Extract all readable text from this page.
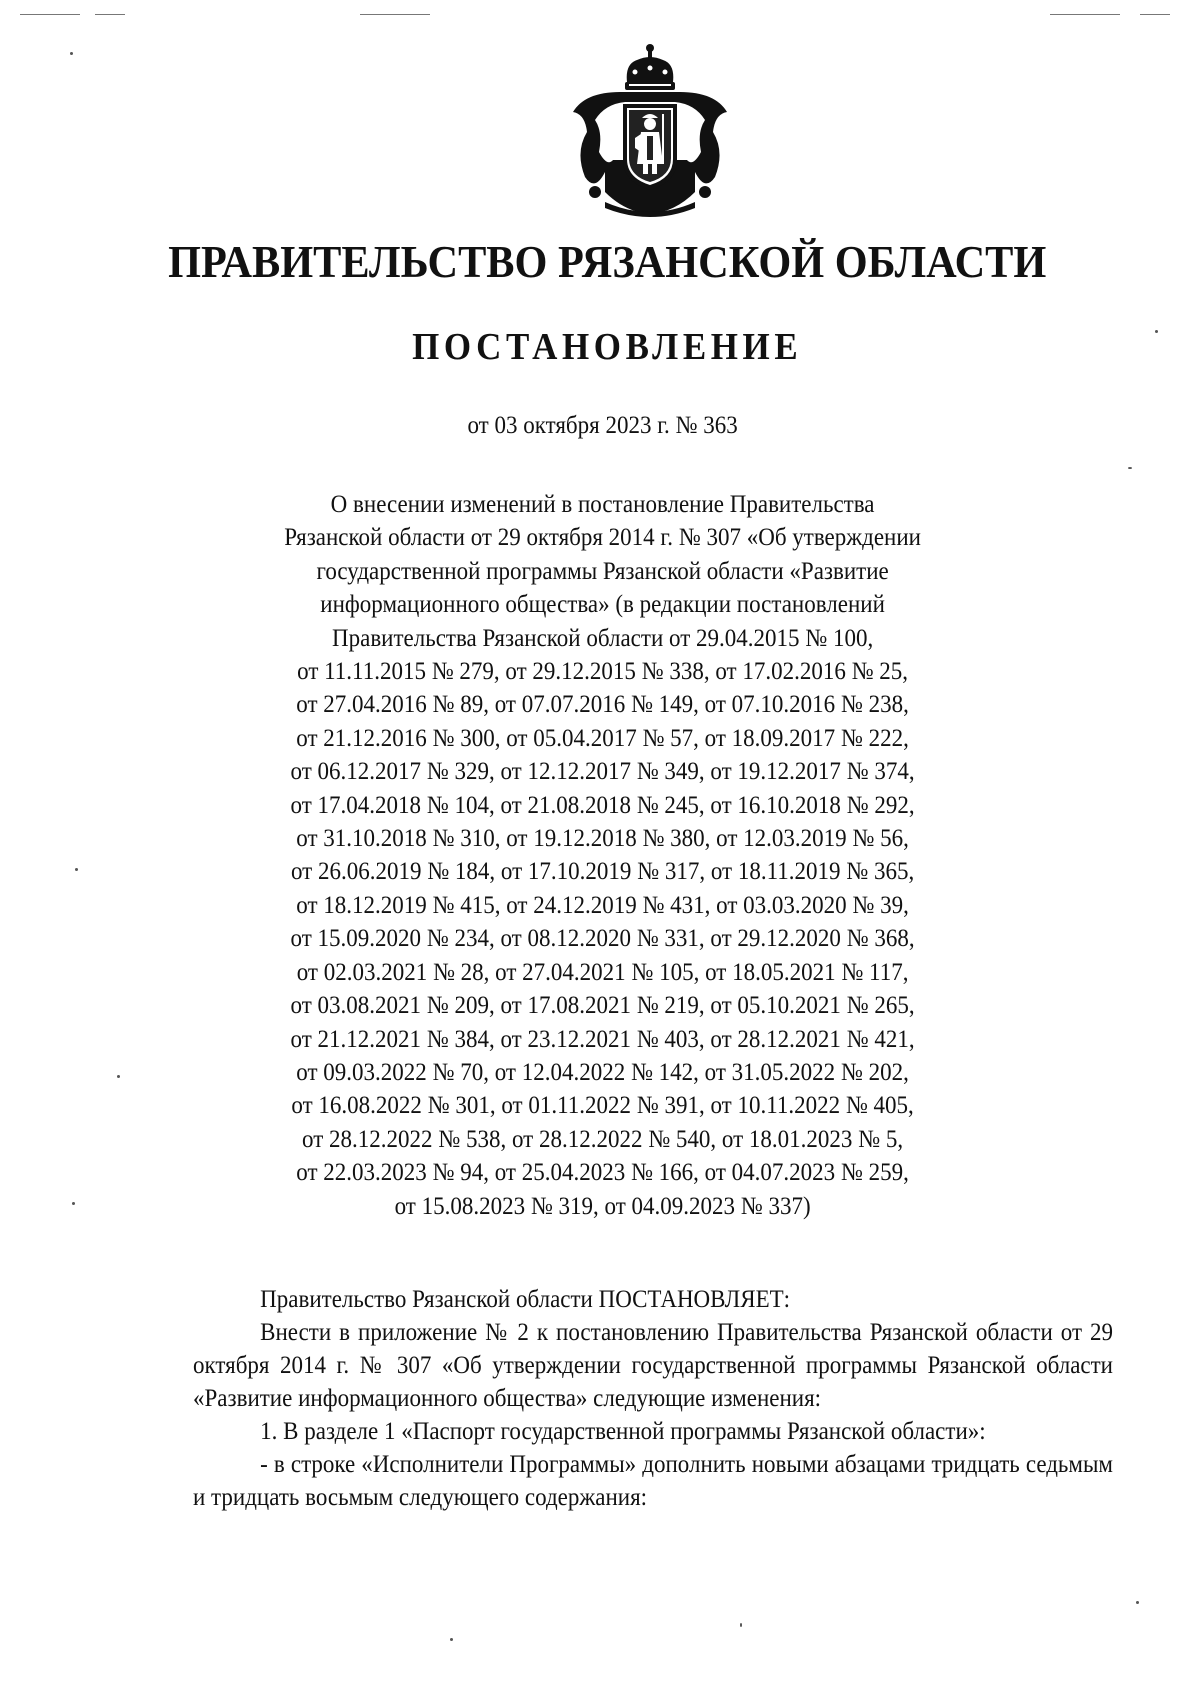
ПРАВИТЕЛЬСТВО РЯЗАНСКОЙ ОБЛАСТИ
ПОСТАНОВЛЕНИЕ
от 03 октября 2023 г. № 363
О внесении изменений в постановление Правительства
Рязанской области от 29 октября 2014 г. № 307 «Об утверждении
государственной программы Рязанской области «Развитие
информационного общества» (в редакции постановлений
Правительства Рязанской области от 29.04.2015 № 100,
от 11.11.2015 № 279, от 29.12.2015 № 338, от 17.02.2016 № 25,
от 27.04.2016 № 89, от 07.07.2016 № 149, от 07.10.2016 № 238,
от 21.12.2016 № 300, от 05.04.2017 № 57, от 18.09.2017 № 222,
от 06.12.2017 № 329, от 12.12.2017 № 349, от 19.12.2017 № 374,
от 17.04.2018 № 104, от 21.08.2018 № 245, от 16.10.2018 № 292,
от 31.10.2018 № 310, от 19.12.2018 № 380, от 12.03.2019 № 56,
от 26.06.2019 № 184, от 17.10.2019 № 317, от 18.11.2019 № 365,
от 18.12.2019 № 415, от 24.12.2019 № 431, от 03.03.2020 № 39,
от 15.09.2020 № 234, от 08.12.2020 № 331, от 29.12.2020 № 368,
от 02.03.2021 № 28, от 27.04.2021 № 105, от 18.05.2021 № 117,
от 03.08.2021 № 209, от 17.08.2021 № 219, от 05.10.2021 № 265,
от 21.12.2021 № 384, от 23.12.2021 № 403, от 28.12.2021 № 421,
от 09.03.2022 № 70, от 12.04.2022 № 142, от 31.05.2022 № 202,
от 16.08.2022 № 301, от 01.11.2022 № 391, от 10.11.2022 № 405,
от 28.12.2022 № 538, от 28.12.2022 № 540, от 18.01.2023 № 5,
от 22.03.2023 № 94, от 25.04.2023 № 166, от 04.07.2023 № 259,
от 15.08.2023 № 319, от 04.09.2023 № 337)

Правительство Рязанской области ПОСТАНОВЛЯЕТ:

Внести в приложение № 2 к постановлению Правительства Рязанской области от 29 октября 2014 г. № 307 «Об утверждении государственной программы Рязанской области «Развитие информационного общества» следующие изменения:

1. В разделе 1 «Паспорт государственной программы Рязанской области»:

- в строке «Исполнители Программы» дополнить новыми абзацами тридцать седьмым и тридцать восьмым следующего содержания:
